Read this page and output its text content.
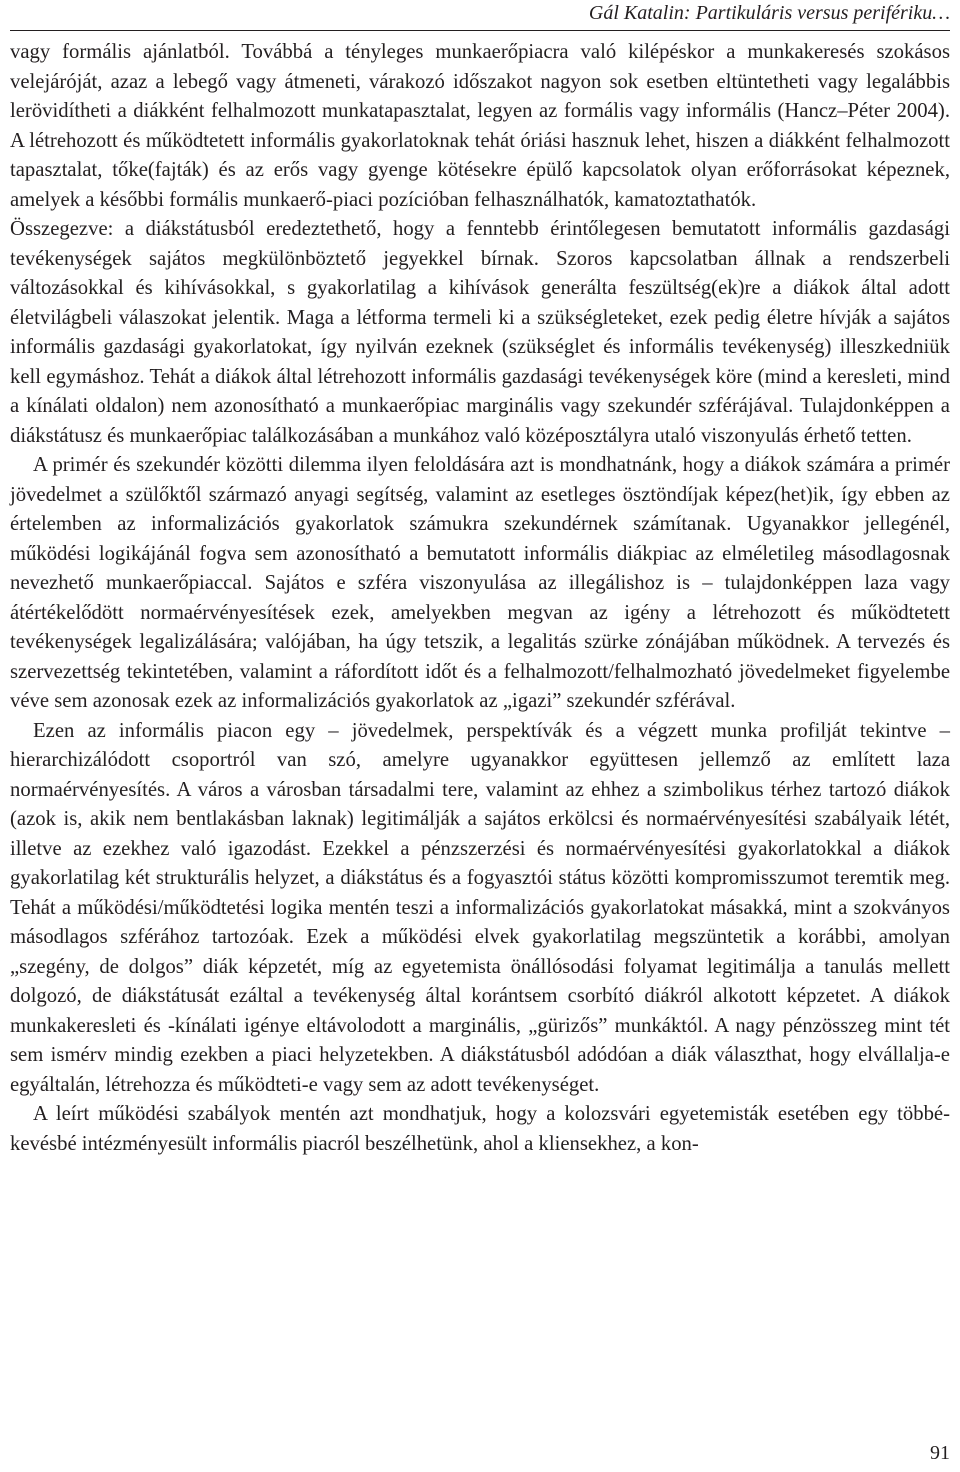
Gál Katalin: Partikuláris versus perifériku…

vagy formális ajánlatból. Továbbá a tényleges munkaerőpiacra való kilépéskor a munkakeresés szokásos velejáróját, azaz a lebegő vagy átmeneti, várakozó időszakot nagyon sok esetben eltüntetheti vagy legalábbis lerövidítheti a diákként felhalmozott munkatapasztalat, legyen az formális vagy informális (Hancz–Péter 2004). A létrehozott és működtetett informális gyakorlatoknak tehát óriási hasznuk lehet, hiszen a diákként felhalmozott tapasztalat, tőke(fajták) és az erős vagy gyenge kötésekre épülő kapcsolatok olyan erőforrásokat képeznek, amelyek a későbbi formális munkaerő-piaci pozícióban felhasználhatók, kamatoztathatók.

Összegezve: a diákstátusból eredeztethető, hogy a fenntebb érintőlegesen bemutatott informális gazdasági tevékenységek sajátos megkülönböztető jegyekkel bírnak. Szoros kapcsolatban állnak a rendszerbeli változásokkal és kihívásokkal, s gyakorlatilag a kihívások generálta feszültség(ek)re a diákok által adott életvilágbeli válaszokat jelentik. Maga a létforma termeli ki a szükségleteket, ezek pedig életre hívják a sajátos informális gazdasági gyakorlatokat, így nyilván ezeknek (szükséglet és informális tevékenység) illeszkedniük kell egymáshoz. Tehát a diákok által létrehozott informális gazdasági tevékenységek köre (mind a keresleti, mind a kínálati oldalon) nem azonosítható a munkaerőpiac marginális vagy szekundér szférájával. Tulajdonképpen a diákstátusz és munkaerőpiac találkozásában a munkához való középosztályra utaló viszonyulás érhető tetten.

A primér és szekundér közötti dilemma ilyen feloldására azt is mondhatnánk, hogy a diákok számára a primér jövedelmet a szülőktől származó anyagi segítség, valamint az esetleges ösztöndíjak képez(het)ik, így ebben az értelemben az informalizációs gyakorlatok számukra szekundérnek számítanak. Ugyanakkor jellegénél, működési logikájánál fogva sem azonosítható a bemutatott informális diákpiac az elméletileg másodlagosnak nevezhető munkaerőpiaccal. Sajátos e szféra viszonyulása az illegálishoz is – tulajdonképpen laza vagy átértékelődött normaérvényesítések ezek, amelyekben megvan az igény a létrehozott és működtetett tevékenységek legalizálására; valójában, ha úgy tetszik, a legalitás szürke zónájában működnek. A tervezés és szervezettség tekintetében, valamint a ráfordított időt és a felhalmozott/felhalmozható jövedelmeket figyelembe véve sem azonosak ezek az informalizációs gyakorlatok az „igazi” szekundér szférával.

Ezen az informális piacon egy – jövedelmek, perspektívák és a végzett munka profilját tekintve – hierarchizálódott csoportról van szó, amelyre ugyanakkor együttesen jellemző az említett laza normaérvényesítés. A város a városban társadalmi tere, valamint az ehhez a szimbolikus térhez tartozó diákok (azok is, akik nem bentlakásban laknak) legitimálják a sajátos erkölcsi és normaérvényesítési szabályaik létét, illetve az ezekhez való igazodást. Ezekkel a pénzszerzési és normaérvényesítési gyakorlatokkal a diákok gyakorlatilag két strukturális helyzet, a diákstátus és a fogyasztói státus közötti kompromisszumot teremtik meg. Tehát a működési/működtetési logika mentén teszi a informalizációs gyakorlatokat másakká, mint a szokványos másodlagos szférához tartozóak. Ezek a működési elvek gyakorlatilag megszüntetik a korábbi, amolyan „szegény, de dolgos” diák képzetét, míg az egyetemista önállósodási folyamat legitimálja a tanulás mellett dolgozó, de diákstátusát ezáltal a tevékenység által korántsem csorbító diákról alkotott képzetet. A diákok munkakeresleti és -kínálati igénye eltávolodott a marginális, „gürizős” munkáktól. A nagy pénzösszeg mint tét sem ismérv mindig ezekben a piaci helyzetekben. A diákstátusból adódóan a diák választhat, hogy elvállalja-e egyáltalán, létrehozza és működteti-e vagy sem az adott tevékenységet.

A leírt működési szabályok mentén azt mondhatjuk, hogy a kolozsvári egyetemisták esetében egy többé-kevésbé intézményesült informális piacról beszélhetünk, ahol a kliensekhez, a kon-

91
